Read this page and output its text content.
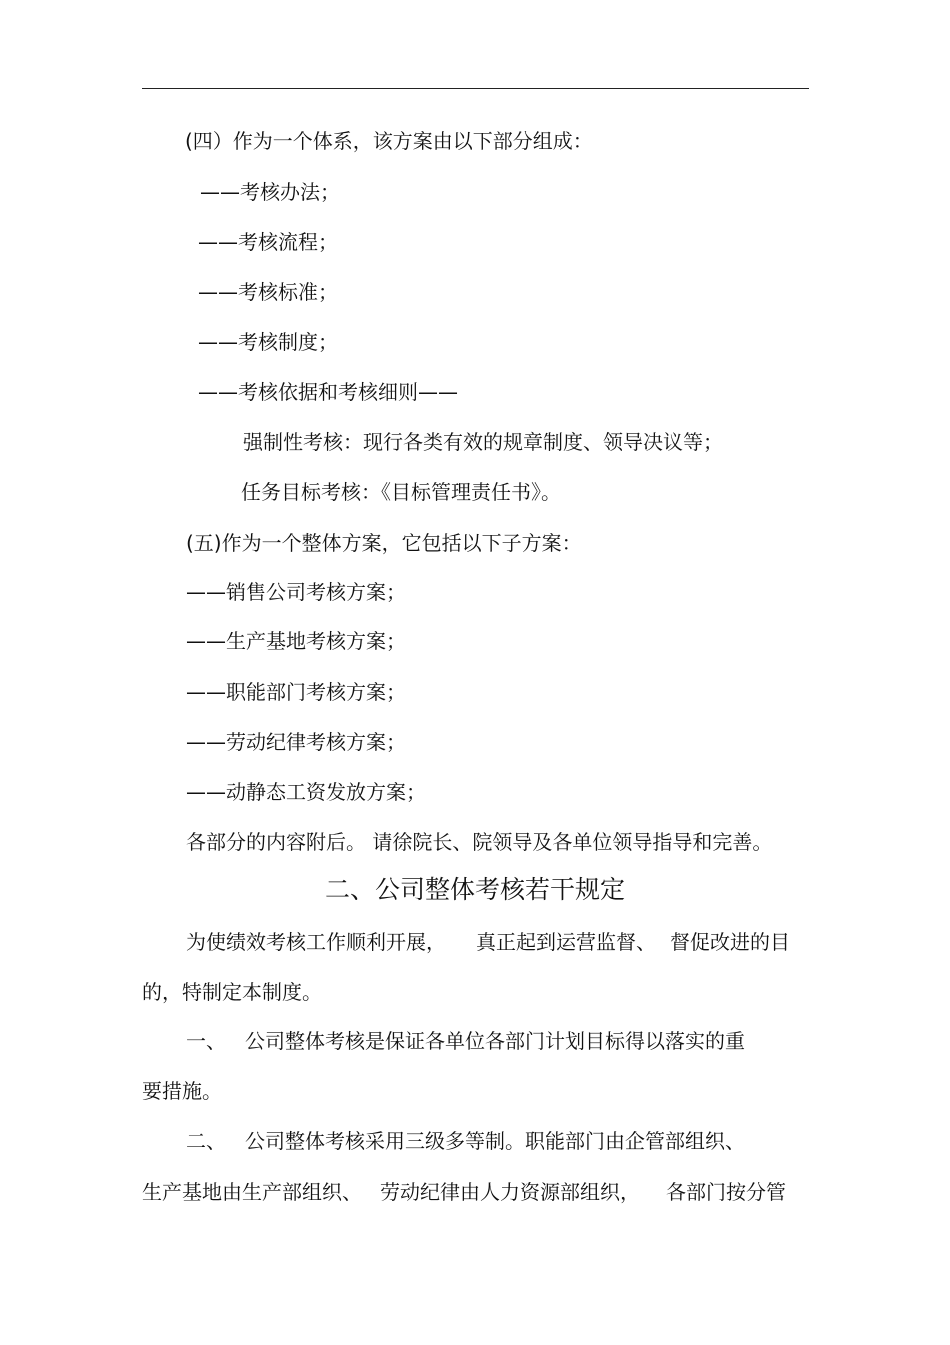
(四）作为一个体系，该方案由以下部分组成：
——考核办法；
——考核流程；
——考核标准；
——考核制度；
——考核依据和考核细则——
强制性考核：现行各类有效的规章制度、领导决议等；
任务目标考核：《目标管理责任书》。
(五)作为一个整体方案，它包括以下子方案：
——销售公司考核方案；
——生产基地考核方案；
——职能部门考核方案；
——劳动纪律考核方案；
——动静态工资发放方案；
各部分的内容附后。 请徐院长、院领导及各单位领导指导和完善。
二、公司整体考核若干规定
为使绩效考核工作顺利开展， 真正起到运营监督、 督促改进的目
的，特制定本制度。
一、 公司整体考核是保证各单位各部门计划目标得以落实的重
要措施。
二、 公司整体考核采用三级多等制。职能部门由企管部组织、
生产基地由生产部组织、 劳动纪律由人力资源部组织， 各部门按分管
